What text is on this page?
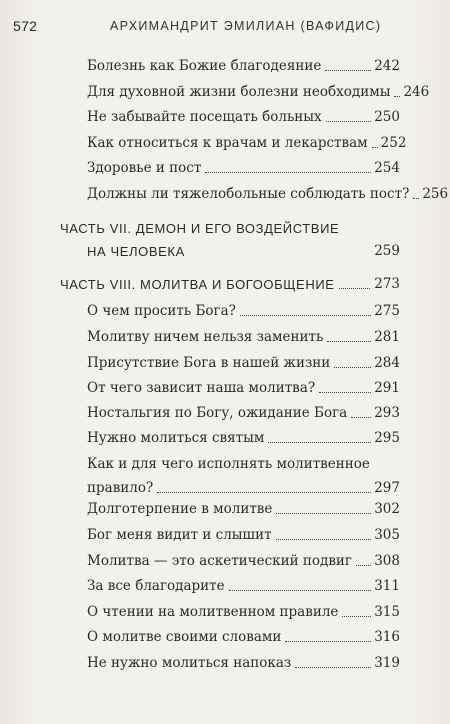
572	АРХИМАНДРИТ ЭМИЛИАН (ВАФИДИС)
Болезнь как Божие благодеяние	242
Для духовной жизни болезни необходимы 246
Не забывайте посещать больных	250
Как относиться к врачам и лекарствам 252
Здоровье и пост	254
Должны ли тяжелобольные соблюдать пост? 256
ЧАСТЬ VII. ДЕМОН И ЕГО ВОЗДЕЙСТВИЕ
НА ЧЕЛОВЕКА	259
ЧАСТЬ VIII. МОЛИТВА И БОГООБЩЕНИЕ	273
О чем просить Бога?	275
Молитву ничем нельзя заменить	281
Присутствие Бога в нашей жизни	284
От чего зависит наша молитва?	291
Ностальгия по Богу, ожидание Бога 293
Нужно молиться святым	295
Как и для чего исполнять молитвенное
правило?	297
Долготерпение в молитве	302
Бог меня видит и слышит	305
Молитва — это аскетический подвиг 308
За все благодарите	311
О чтении на молитвенном правиле	315
О молитве своими словами	316
Не нужно молиться напоказ	319
